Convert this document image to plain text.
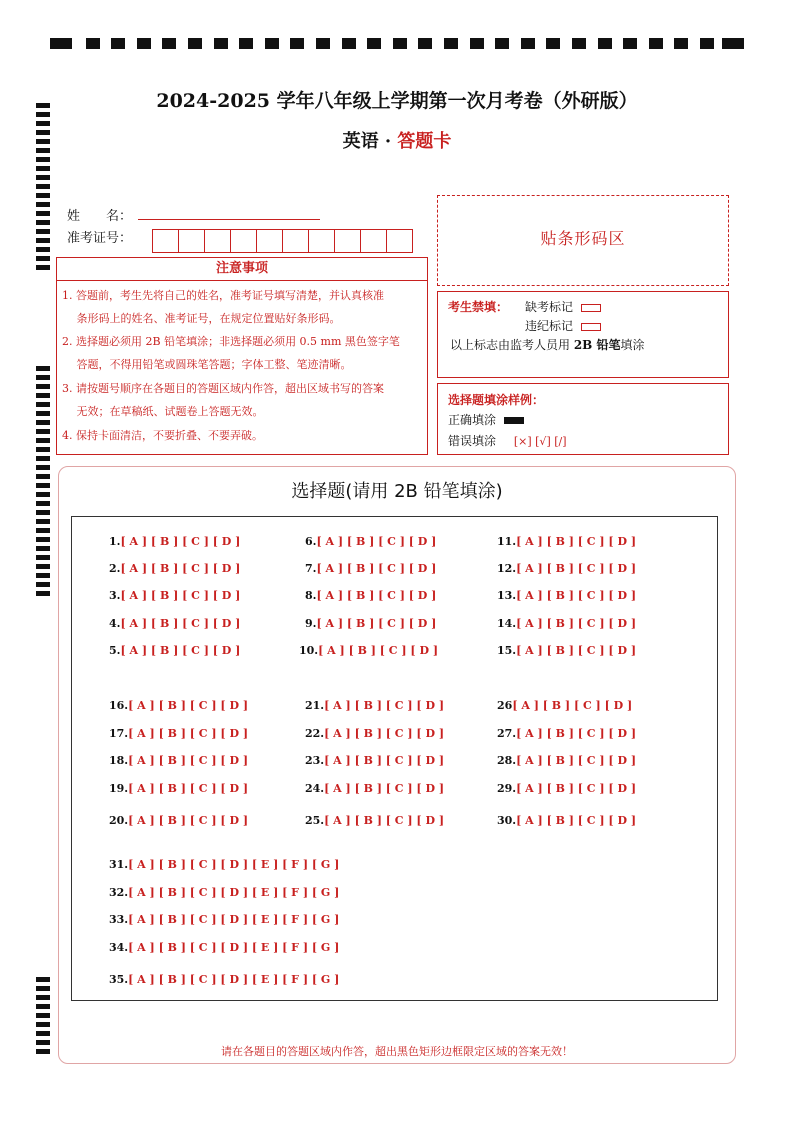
2024-2025 学年八年级上学期第一次月考卷（外研版）
英语 · 答题卡
姓　　名：
准考证号：
注意事项
1. 答题前，考生先将自己的姓名，准考证号填写清楚，并认真核准
　 条形码上的姓名、准考证号，在规定位置贴好条形码。
2. 选择题必须用 2B 铅笔填涂；非选择题必须用 0.5 mm 黑色签字笔
　 答题，不得用铅笔或圆珠笔答题；字体工整、笔迹清晰。
3. 请按题号顺序在各题目的答题区域内作答，超出区域书写的答案
　 无效；在草稿纸、试题卷上答题无效。
4. 保持卡面清洁，不要折叠、不要弄破。
贴条形码区
考生禁填： 缺考标记
违纪标记
以上标志由监考人员用 2B 铅笔填涂
选择题填涂样例：
正确填涂
错误填涂 [×] [√] [/]
选择题(请用 2B 铅笔填涂)
1.[ A ] [ B ] [ C ] [ D ]
2.[ A ] [ B ] [ C ] [ D ]
3.[ A ] [ B ] [ C ] [ D ]
4.[ A ] [ B ] [ C ] [ D ]
5.[ A ] [ B ] [ C ] [ D ]
6.[ A ] [ B ] [ C ] [ D ]
7.[ A ] [ B ] [ C ] [ D ]
8.[ A ] [ B ] [ C ] [ D ]
9.[ A ] [ B ] [ C ] [ D ]
10.[ A ] [ B ] [ C ] [ D ]
11.[ A ] [ B ] [ C ] [ D ]
12.[ A ] [ B ] [ C ] [ D ]
13.[ A ] [ B ] [ C ] [ D ]
14.[ A ] [ B ] [ C ] [ D ]
15.[ A ] [ B ] [ C ] [ D ]
16.[ A ] [ B ] [ C ] [ D ]
17.[ A ] [ B ] [ C ] [ D ]
18.[ A ] [ B ] [ C ] [ D ]
19.[ A ] [ B ] [ C ] [ D ]
20.[ A ] [ B ] [ C ] [ D ]
21.[ A ] [ B ] [ C ] [ D ]
22.[ A ] [ B ] [ C ] [ D ]
23.[ A ] [ B ] [ C ] [ D ]
24.[ A ] [ B ] [ C ] [ D ]
25.[ A ] [ B ] [ C ] [ D ]
26[ A ] [ B ] [ C ] [ D ]
27.[ A ] [ B ] [ C ] [ D ]
28.[ A ] [ B ] [ C ] [ D ]
29.[ A ] [ B ] [ C ] [ D ]
30.[ A ] [ B ] [ C ] [ D ]
31.[ A ] [ B ] [ C ] [ D ] [ E ] [ F ] [ G ]
32.[ A ] [ B ] [ C ] [ D ] [ E ] [ F ] [ G ]
33.[ A ] [ B ] [ C ] [ D ] [ E ] [ F ] [ G ]
34.[ A ] [ B ] [ C ] [ D ] [ E ] [ F ] [ G ]
35.[ A ] [ B ] [ C ] [ D ] [ E ] [ F ] [ G ]
请在各题目的答题区域内作答，超出黑色矩形边框限定区域的答案无效！
